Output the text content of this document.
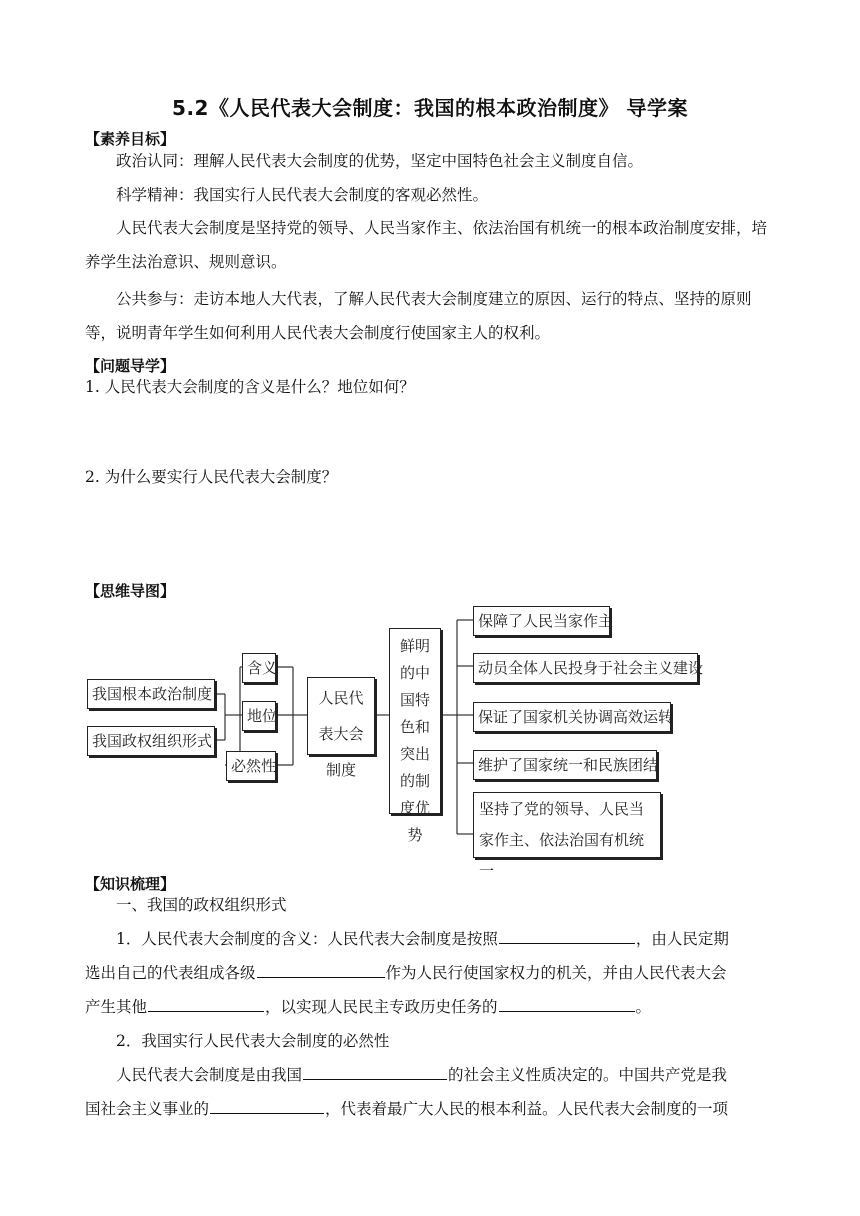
5.2《人民代表大会制度：我国的根本政治制度》 导学案
【素养目标】
政治认同：理解人民代表大会制度的优势，坚定中国特色社会主义制度自信。
科学精神：我国实行人民代表大会制度的客观必然性。
人民代表大会制度是坚持党的领导、人民当家作主、依法治国有机统一的根本政治制度安排，培养学生法治意识、规则意识。
公共参与：走访本地人大代表，了解人民代表大会制度建立的原因、运行的特点、坚持的原则等，说明青年学生如何利用人民代表大会制度行使国家主人的权利。
【问题导学】
1. 人民代表大会制度的含义是什么？地位如何？
2. 为什么要实行人民代表大会制度？
【思维导图】
我国根本政治制度
我国政权组织形式
含义
地位
必然性
人民代表大会制度
鲜明的中国特色和突出的制度优势
保障了人民当家作主
动员全体人民投身于社会主义建设
保证了国家机关协调高效运转
维护了国家统一和民族团结
坚持了党的领导、人民当家作主、依法治国有机统一
【知识梳理】
一、我国的政权组织形式
1．人民代表大会制度的含义：人民代表大会制度是按照	，由人民定期
选出自己的代表组成各级	作为人民行使国家权力的机关，并由人民代表大会
产生其他	，以实现人民民主专政历史任务的	。
2．我国实行人民代表大会制度的必然性
人民代表大会制度是由我国	的社会主义性质决定的。中国共产党是我
国社会主义事业的	，代表着最广大人民的根本利益。人民代表大会制度的一项
